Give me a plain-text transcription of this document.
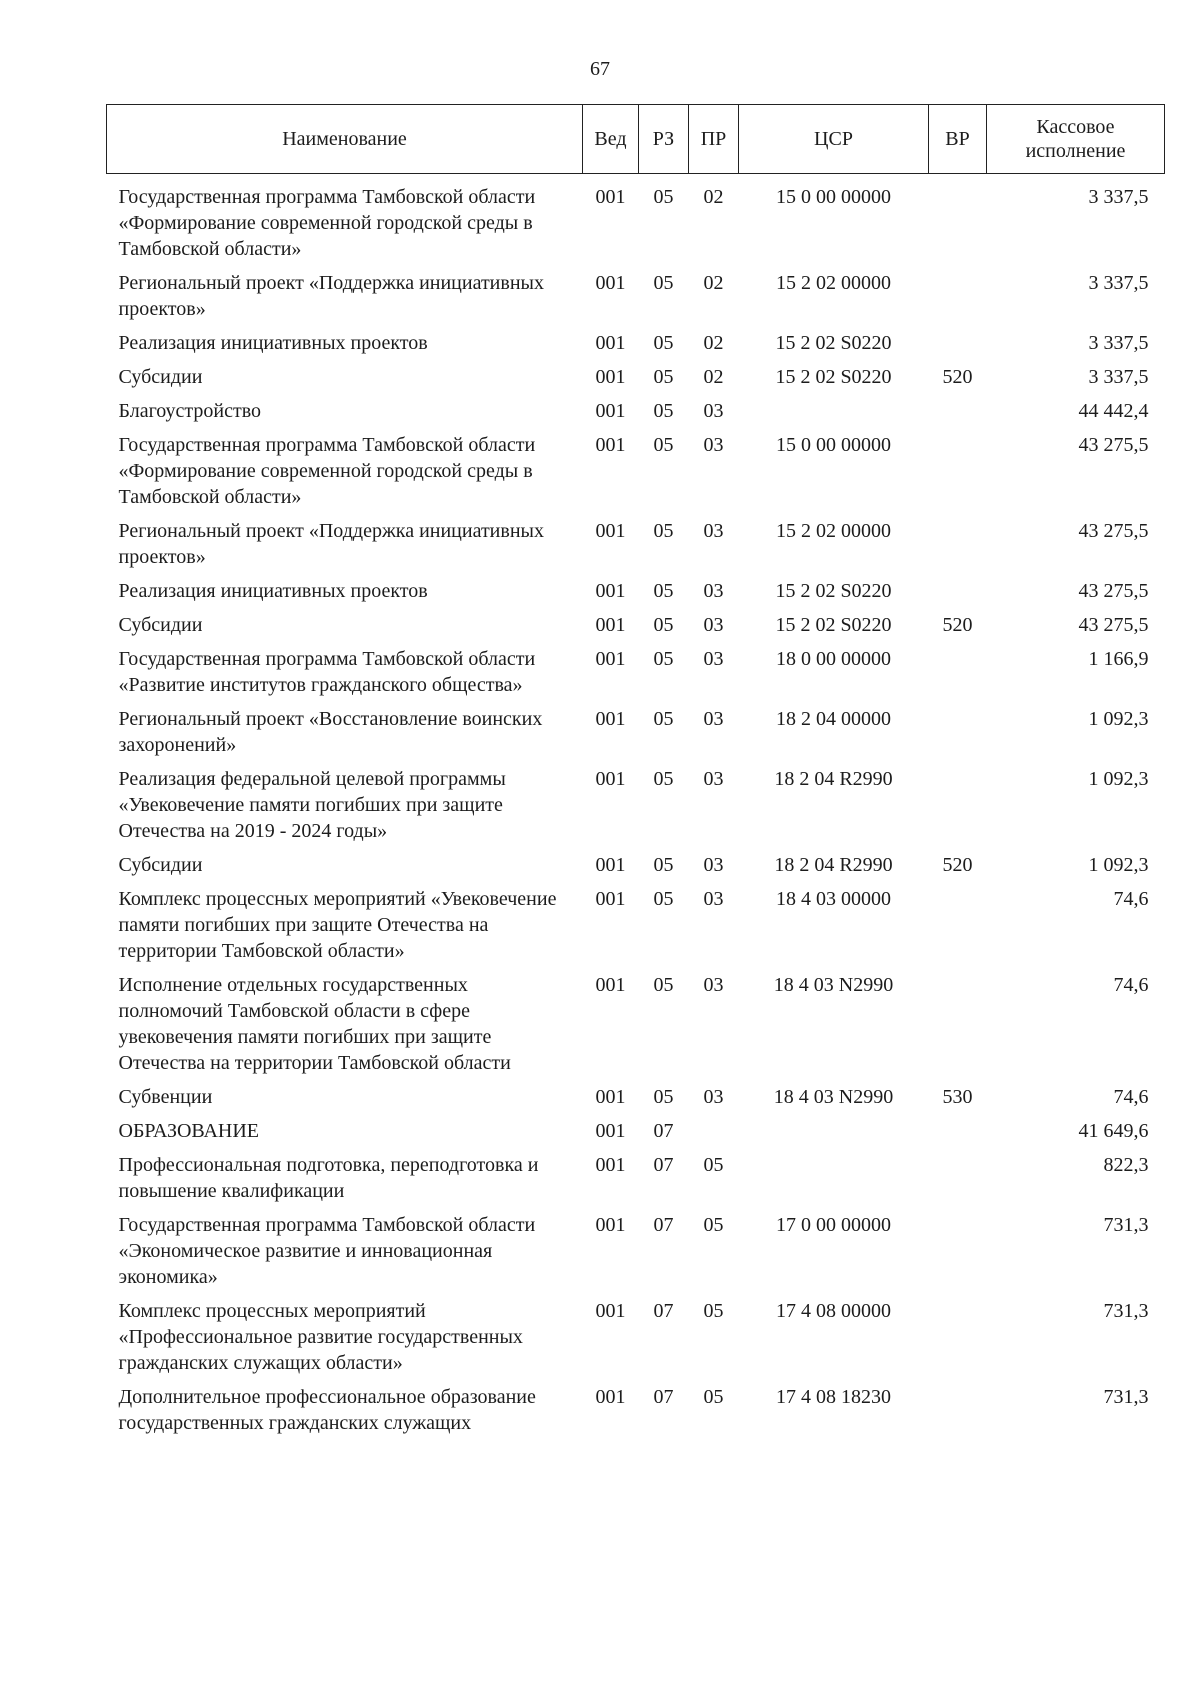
67
Наименование	Вед	РЗ	ПР	ЦСР	ВР	Кассовое исполнение
Государственная программа Тамбовской области «Формирование современной городской среды в Тамбовской области»	001	05	02	15 0 00 00000		3 337,5
Региональный проект «Поддержка инициативных проектов»	001	05	02	15 2 02 00000		3 337,5
Реализация инициативных проектов	001	05	02	15 2 02 S0220		3 337,5
Субсидии	001	05	02	15 2 02 S0220	520	3 337,5
Благоустройство	001	05	03			44 442,4
Государственная программа Тамбовской области «Формирование современной городской среды в Тамбовской области»	001	05	03	15 0 00 00000		43 275,5
Региональный проект «Поддержка инициативных проектов»	001	05	03	15 2 02 00000		43 275,5
Реализация инициативных проектов	001	05	03	15 2 02 S0220		43 275,5
Субсидии	001	05	03	15 2 02 S0220	520	43 275,5
Государственная программа Тамбовской области «Развитие институтов гражданского общества»	001	05	03	18 0 00 00000		1 166,9
Региональный проект «Восстановление воинских захоронений»	001	05	03	18 2 04 00000		1 092,3
Реализация федеральной целевой программы «Увековечение памяти погибших при защите Отечества на 2019 - 2024 годы»	001	05	03	18 2 04 R2990		1 092,3
Субсидии	001	05	03	18 2 04 R2990	520	1 092,3
Комплекс процессных мероприятий «Увековечение памяти погибших при защите Отечества на территории Тамбовской области»	001	05	03	18 4 03 00000		74,6
Исполнение отдельных государственных полномочий Тамбовской области в сфере увековечения памяти погибших при защите Отечества на территории Тамбовской области	001	05	03	18 4 03 N2990		74,6
Субвенции	001	05	03	18 4 03 N2990	530	74,6
ОБРАЗОВАНИЕ	001	07				41 649,6
Профессиональная подготовка, переподготовка и повышение квалификации	001	07	05			822,3
Государственная программа Тамбовской области «Экономическое развитие и инновационная экономика»	001	07	05	17 0 00 00000		731,3
Комплекс процессных мероприятий «Профессиональное развитие государственных гражданских служащих области»	001	07	05	17 4 08 00000		731,3
Дополнительное профессиональное образование государственных гражданских служащих	001	07	05	17 4 08 18230		731,3
